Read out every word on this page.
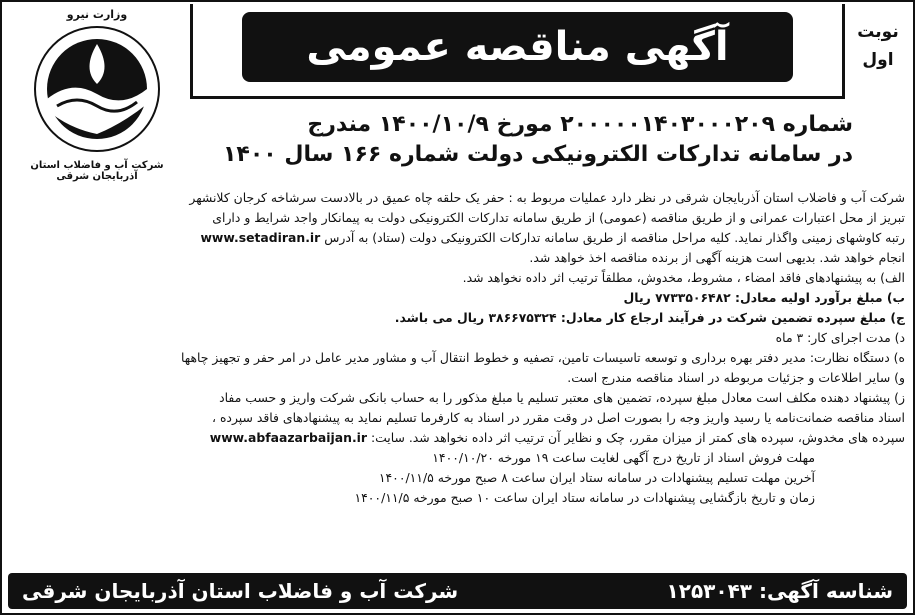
نوبت
اول
آگهی مناقصه عمومی
وزارت نیرو
شرکت آب و فاضلاب استان آذربایجان شرقی
شماره ۲۰۰۰۰۰۱۴۰۳۰۰۰۲۰۹ مورخ ۱۴۰۰/۱۰/۹ مندرج
در سامانه تدارکات الکترونیکی دولت شماره ۱۶۶ سال ۱۴۰۰
شرکت آب و فاضلاب استان آذربایجان شرقی در نظر دارد عملیات مربوط به : حفر یک حلقه چاه عمیق در بالادست سرشاخه کرجان کلانشهر
تبریز از محل اعتبارات عمرانی و از طریق مناقصه (عمومی) از طریق سامانه تدارکات الکترونیکی دولت به پیمانکار واجد شرایط و دارای
رتبه کاوشهای زمینی واگذار نماید. کلیه مراحل مناقصه از طریق سامانه تدارکات الکترونیکی دولت (ستاد) به آدرس www.setadiran.ir
انجام خواهد شد. بدیهی است هزینه آگهی از برنده مناقصه اخذ خواهد شد.
الف) به پیشنهادهای فاقد امضاء ، مشروط، مخدوش، مطلقاً ترتیب اثر داده نخواهد شد.
ب) مبلغ برآورد اولیه معادل: ۷۷۳۳۵۰۶۴۸۲ ریال
ج) مبلغ سپرده تضمین شرکت در فرآیند ارجاع کار معادل: ۳۸۶۶۷۵۳۲۴ ریال می باشد.
د) مدت اجرای کار: ۳ ماه
ه) دستگاه نظارت: مدیر دفتر بهره برداری و توسعه تاسیسات تامین، تصفیه و خطوط انتقال آب و مشاور مدیر عامل در امر حفر و تجهیز چاهها
و) سایر اطلاعات و جزئیات مربوطه در اسناد مناقصه مندرج است.
ز) پیشنهاد دهنده مکلف است معادل مبلغ سپرده، تضمین های معتبر تسلیم یا مبلغ مذکور را به حساب بانکی شرکت واریز و حسب مفاد
اسناد مناقصه ضمانت‌نامه یا رسید واریز وجه را بصورت اصل در وقت مقرر در اسناد به کارفرما تسلیم نماید به پیشنهادهای فاقد سپرده ،
سپرده های مخدوش، سپرده های کمتر از میزان مقرر، چک و نظایر آن ترتیب اثر داده نخواهد شد. سایت: www.abfaazarbaijan.ir
مهلت فروش اسناد از تاریخ درج آگهی لغایت ساعت ۱۹ مورخه ۱۴۰۰/۱۰/۲۰
آخرین مهلت تسلیم پیشنهادات در سامانه ستاد ایران ساعت ۸ صبح مورخه ۱۴۰۰/۱۱/۵
زمان و تاریخ بازگشایی پیشنهادات در سامانه ستاد ایران ساعت ۱۰ صبح مورخه ۱۴۰۰/۱۱/۵
شناسه آگهی: ۱۲۵۳۰۴۳
شرکت آب و فاضلاب استان آذربایجان شرقی
